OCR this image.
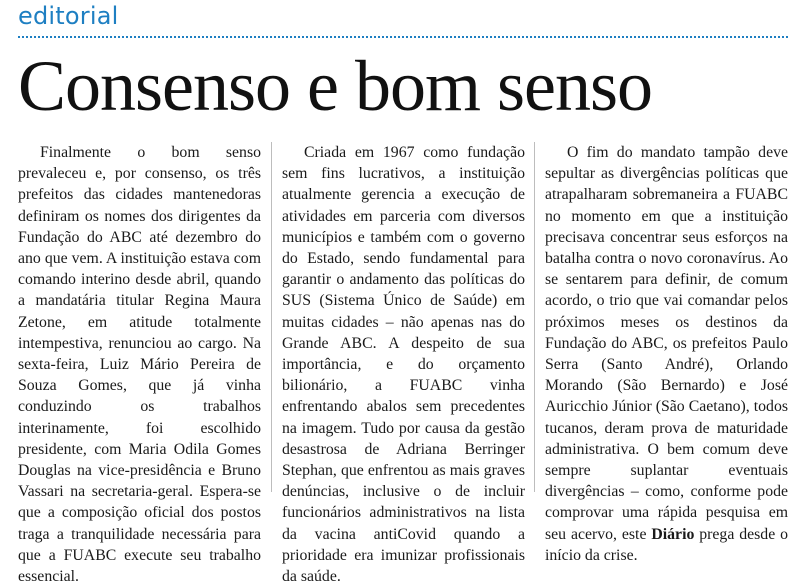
editorial
Consenso e bom senso

Finalmente o bom senso prevaleceu e, por consenso, os três prefeitos das cidades mantenedoras definiram os nomes dos dirigentes da Fundação do ABC até dezembro do ano que vem. A instituição estava com comando interino desde abril, quando a mandatária titular Regina Maura Zetone, em atitude totalmente intempestiva, renunciou ao cargo. Na sexta-feira, Luiz Mário Pereira de Souza Gomes, que já vinha conduzindo os trabalhos interinamente, foi escolhido presidente, com Maria Odila Gomes Douglas na vice-presidência e Bruno Vassari na secretaria-geral. Espera-se que a composição oficial dos postos traga a tranquilidade necessária para que a FUABC execute seu trabalho essencial.

Criada em 1967 como fundação sem fins lucrativos, a instituição atualmente gerencia a execução de atividades em parceria com diversos municípios e também com o governo do Estado, sendo fundamental para garantir o andamento das políticas do SUS (Sistema Único de Saúde) em muitas cidades – não apenas nas do Grande ABC. A despeito de sua importância, e do orçamento bilionário, a FUABC vinha enfrentando abalos sem precedentes na imagem. Tudo por causa da gestão desastrosa de Adriana Berringer Stephan, que enfrentou as mais graves denúncias, inclusive o de incluir funcionários administrativos na lista da vacina antiCovid quando a prioridade era imunizar profissionais da saúde.

O fim do mandato tampão deve sepultar as divergências políticas que atrapalharam sobremaneira a FUABC no momento em que a instituição precisava concentrar seus esforços na batalha contra o novo coronavírus. Ao se sentarem para definir, de comum acordo, o trio que vai comandar pelos próximos meses os destinos da Fundação do ABC, os prefeitos Paulo Serra (Santo André), Orlando Morando (São Bernardo) e José Auricchio Júnior (São Caetano), todos tucanos, deram prova de maturidade administrativa. O bem comum deve sempre suplantar eventuais divergências – como, conforme pode comprovar uma rápida pesquisa em seu acervo, este Diário prega desde o início da crise.
